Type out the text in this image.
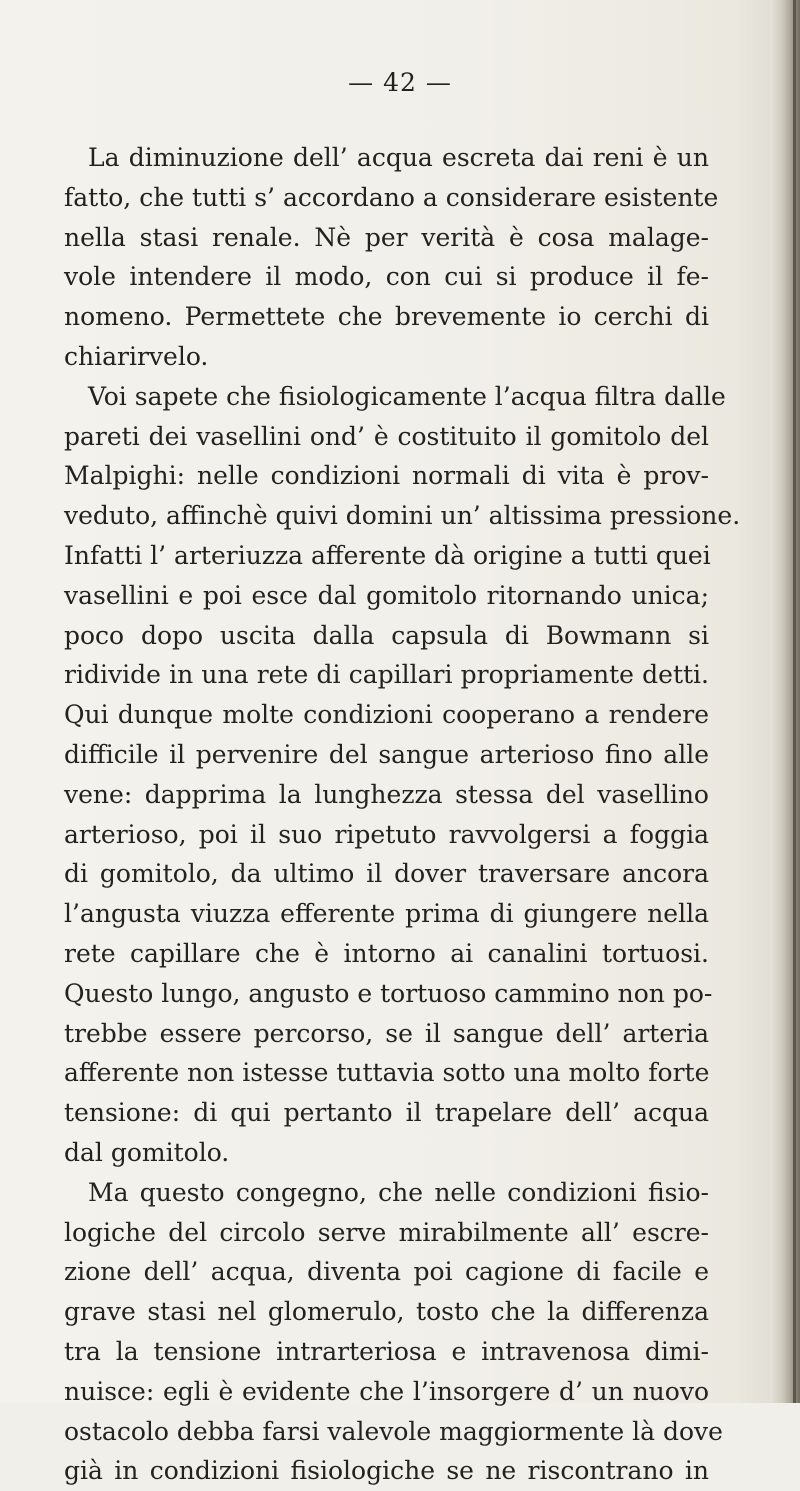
— 42 —
La diminuzione dell’ acqua escreta dai reni è un
fatto, che tutti s’ accordano a considerare esistente
nella stasi renale. Nè per verità è cosa malage-
vole intendere il modo, con cui si produce il fe-
nomeno. Permettete che brevemente io cerchi di
chiarirvelo.
Voi sapete che fisiologicamente l’acqua filtra dalle
pareti dei vasellini ond’ è costituito il gomitolo del
Malpighi: nelle condizioni normali di vita è prov-
veduto, affinchè quivi domini un’ altissima pressione.
Infatti l’ arteriuzza afferente dà origine a tutti quei
vasellini e poi esce dal gomitolo ritornando unica;
poco dopo uscita dalla capsula di Bowmann si
ridivide in una rete di capillari propriamente detti.
Qui dunque molte condizioni cooperano a rendere
difficile il pervenire del sangue arterioso fino alle
vene: dapprima la lunghezza stessa del vasellino
arterioso, poi il suo ripetuto ravvolgersi a foggia
di gomitolo, da ultimo il dover traversare ancora
l’angusta viuzza efferente prima di giungere nella
rete capillare che è intorno ai canalini tortuosi.
Questo lungo, angusto e tortuoso cammino non po-
trebbe essere percorso, se il sangue dell’ arteria
afferente non istesse tuttavia sotto una molto forte
tensione: di qui pertanto il trapelare dell’ acqua
dal gomitolo.
Ma questo congegno, che nelle condizioni fisio-
logiche del circolo serve mirabilmente all’ escre-
zione dell’ acqua, diventa poi cagione di facile e
grave stasi nel glomerulo, tosto che la differenza
tra la tensione intrarteriosa e intravenosa dimi-
nuisce: egli è evidente che l’insorgere d’ un nuovo
ostacolo debba farsi valevole maggiormente là dove
già in condizioni fisiologiche se ne riscontrano in
